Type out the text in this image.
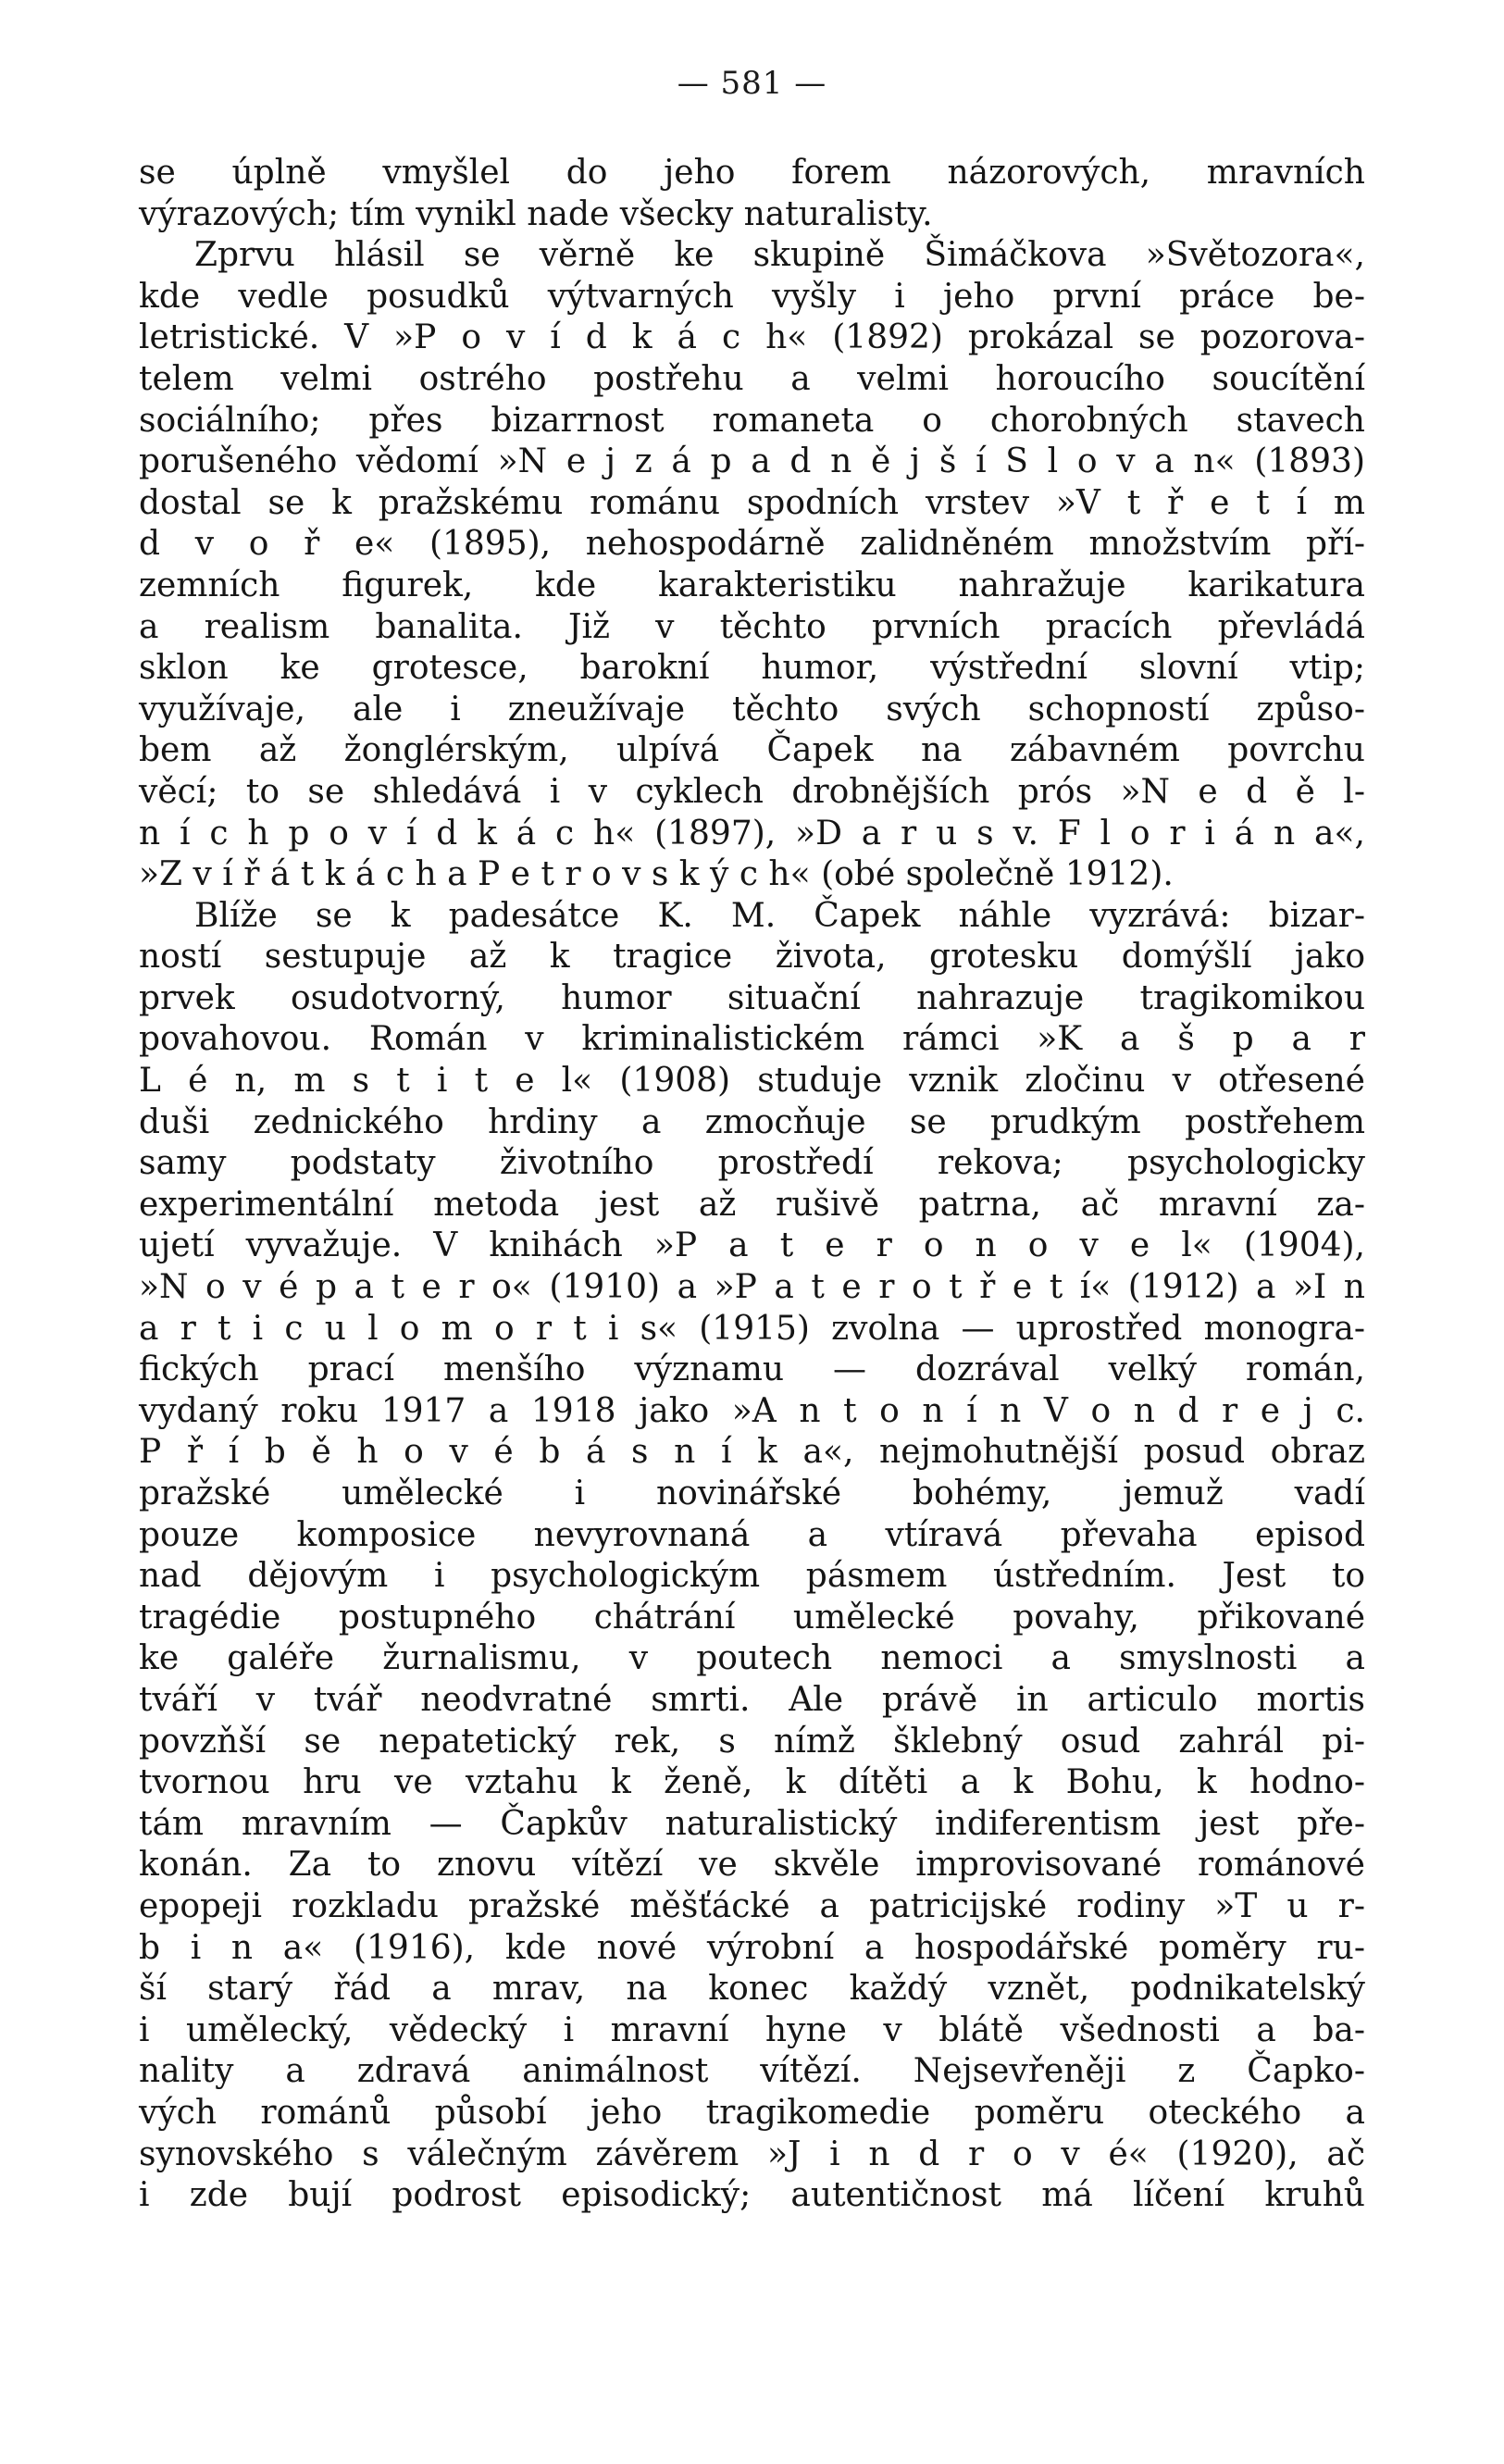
— 581 —
se úplně vmyšlel do jeho forem názorových, mravních
výrazových; tím vynikl nade všecky naturalisty.
Zprvu hlásil se věrně ke skupině Šimáčkova »Světozora«,
kde vedle posudků výtvarných vyšly i jeho první práce be-
letristické. V »P o v í d k á c h« (1892) prokázal se pozorova-
telem velmi ostrého postřehu a velmi horoucího soucítění
sociálního; přes bizarrnost romaneta o chorobných stavech
porušeného vědomí »N e j z á p a d n ě j š í S l o v a n« (1893)
dostal se k pražskému románu spodních vrstev »V t ř e t í m
d v o ř e« (1895), nehospodárně zalidněném množstvím pří-
zemních figurek, kde karakteristiku nahražuje karikatura
a realism banalita. Již v těchto prvních pracích převládá
sklon ke grotesce, barokní humor, výstřední slovní vtip;
využívaje, ale i zneužívaje těchto svých schopností způso-
bem až žonglérským, ulpívá Čapek na zábavném povrchu
věcí; to se shledává i v cyklech drobnějších prós »N e d ě l-
n í c h p o v í d k á c h« (1897), »D a r u s v. F l o r i á n a«,
»Z v í ř á t k á c h a P e t r o v s k ý c h« (obé společně 1912).
Blíže se k padesátce K. M. Čapek náhle vyzrává: bizar-
ností sestupuje až k tragice života, grotesku domýšlí jako
prvek osudotvorný, humor situační nahrazuje tragikomikou
povahovou. Román v kriminalistickém rámci »K a š p a r
L é n, m s t i t e l« (1908) studuje vznik zločinu v otřesené
duši zednického hrdiny a zmocňuje se prudkým postřehem
samy podstaty životního prostředí rekova; psychologicky
experimentální metoda jest až rušivě patrna, ač mravní za-
ujetí vyvažuje. V knihách »P a t e r o n o v e l« (1904),
»N o v é p a t e r o« (1910) a »P a t e r o t ř e t í« (1912) a »I n
a r t i c u l o m o r t i s« (1915) zvolna — uprostřed monogra-
fických prací menšího významu — dozrával velký román,
vydaný roku 1917 a 1918 jako »A n t o n í n V o n d r e j c.
P ř í b ě h o v é b á s n í k a«, nejmohutnější posud obraz
pražské umělecké i novinářské bohémy, jemuž vadí
pouze komposice nevyrovnaná a vtíravá převaha episod
nad dějovým i psychologickým pásmem ústředním. Jest to
tragédie postupného chátrání umělecké povahy, přikované
ke galéře žurnalismu, v poutech nemoci a smyslnosti a
tváří v tvář neodvratné smrti. Ale právě in articulo mortis
povzňší se nepatetický rek, s nímž šklebný osud zahrál pi-
tvornou hru ve vztahu k ženě, k dítěti a k Bohu, k hodno-
tám mravním — Čapkův naturalistický indiferentism jest pře-
konán. Za to znovu vítězí ve skvěle improvisované románové
epopeji rozkladu pražské měšťácké a patricijské rodiny »T u r-
b i n a« (1916), kde nové výrobní a hospodářské poměry ru-
ší starý řád a mrav, na konec každý vznět, podnikatelský
i umělecký, vědecký i mravní hyne v blátě všednosti a ba-
nality a zdravá animálnost vítězí. Nejsevřeněji z Čapko-
vých románů působí jeho tragikomedie poměru oteckého a
synovského s válečným závěrem »J i n d r o v é« (1920), ač
i zde bují podrost episodický; autentičnost má líčení kruhů
